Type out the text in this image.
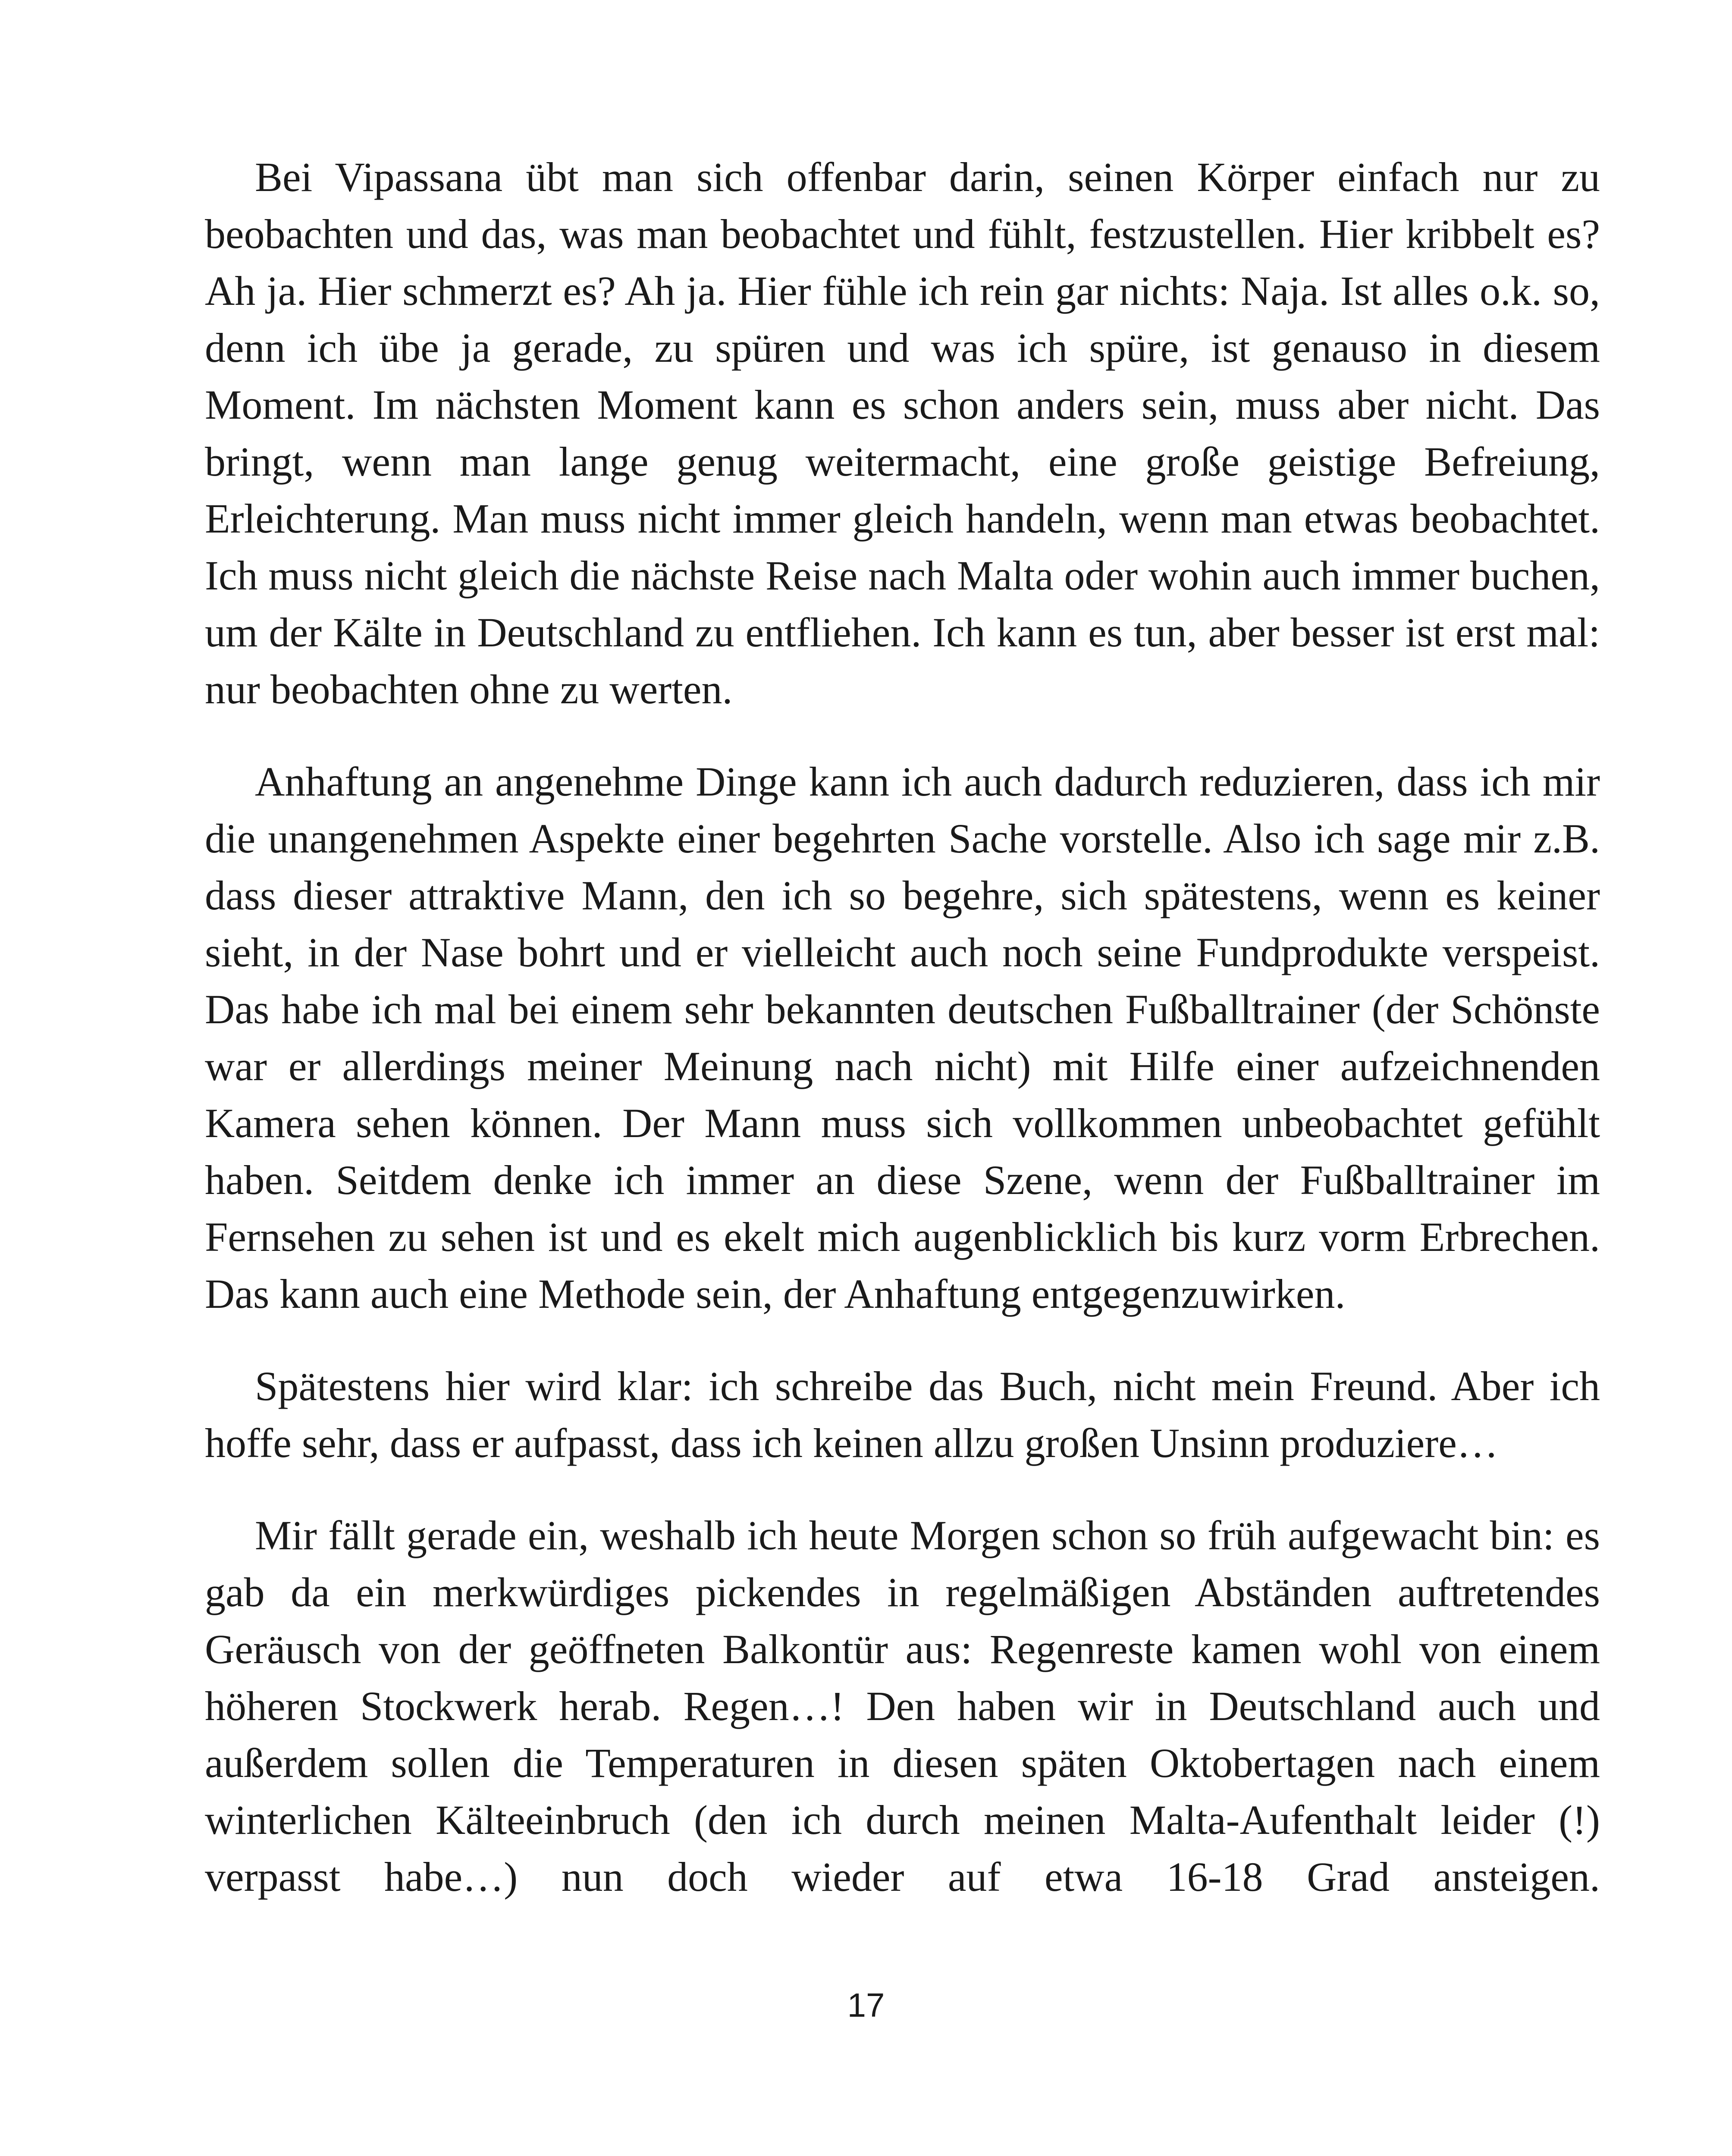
Bei Vipassana übt man sich offenbar darin, seinen Körper einfach nur zu beobachten und das, was man beobachtet und fühlt, festzustellen. Hier kribbelt es? Ah ja. Hier schmerzt es? Ah ja. Hier fühle ich rein gar nichts: Naja. Ist alles o.k. so, denn ich übe ja gerade, zu spüren und was ich spüre, ist genauso in diesem Moment. Im nächsten Moment kann es schon anders sein, muss aber nicht. Das bringt, wenn man lange genug weitermacht, eine große geistige Befreiung, Erleichterung. Man muss nicht immer gleich handeln, wenn man etwas beobachtet. Ich muss nicht gleich die nächste Reise nach Malta oder wohin auch immer buchen, um der Kälte in Deutschland zu entfliehen. Ich kann es tun, aber besser ist erst mal: nur beobachten ohne zu werten.

Anhaftung an angenehme Dinge kann ich auch dadurch reduzieren, dass ich mir die unangenehmen Aspekte einer begehrten Sache vorstelle. Also ich sage mir z.B. dass dieser attraktive Mann, den ich so begehre, sich spätestens, wenn es keiner sieht, in der Nase bohrt und er vielleicht auch noch seine Fundprodukte verspeist. Das habe ich mal bei einem sehr bekannten deutschen Fußballtrainer (der Schönste war er allerdings meiner Meinung nach nicht) mit Hilfe einer aufzeichnenden Kamera sehen können. Der Mann muss sich vollkommen unbeobachtet gefühlt haben. Seitdem denke ich immer an diese Szene, wenn der Fußballtrainer im Fernsehen zu sehen ist und es ekelt mich augenblicklich bis kurz vorm Erbrechen. Das kann auch eine Methode sein, der Anhaftung entgegenzuwirken.

Spätestens hier wird klar: ich schreibe das Buch, nicht mein Freund. Aber ich hoffe sehr, dass er aufpasst, dass ich keinen allzu großen Unsinn produziere…

Mir fällt gerade ein, weshalb ich heute Morgen schon so früh aufgewacht bin: es gab da ein merkwürdiges pickendes in regelmäßigen Abständen auftretendes Geräusch von der geöffneten Balkontür aus: Regenreste kamen wohl von einem höheren Stockwerk herab. Regen…! Den haben wir in Deutschland auch und außerdem sollen die Temperaturen in diesen späten Oktobertagen nach einem winterlichen Kälteeinbruch (den ich durch meinen Malta-Aufenthalt leider (!) verpasst habe…) nun doch wieder auf etwa 16-18 Grad ansteigen.

17
